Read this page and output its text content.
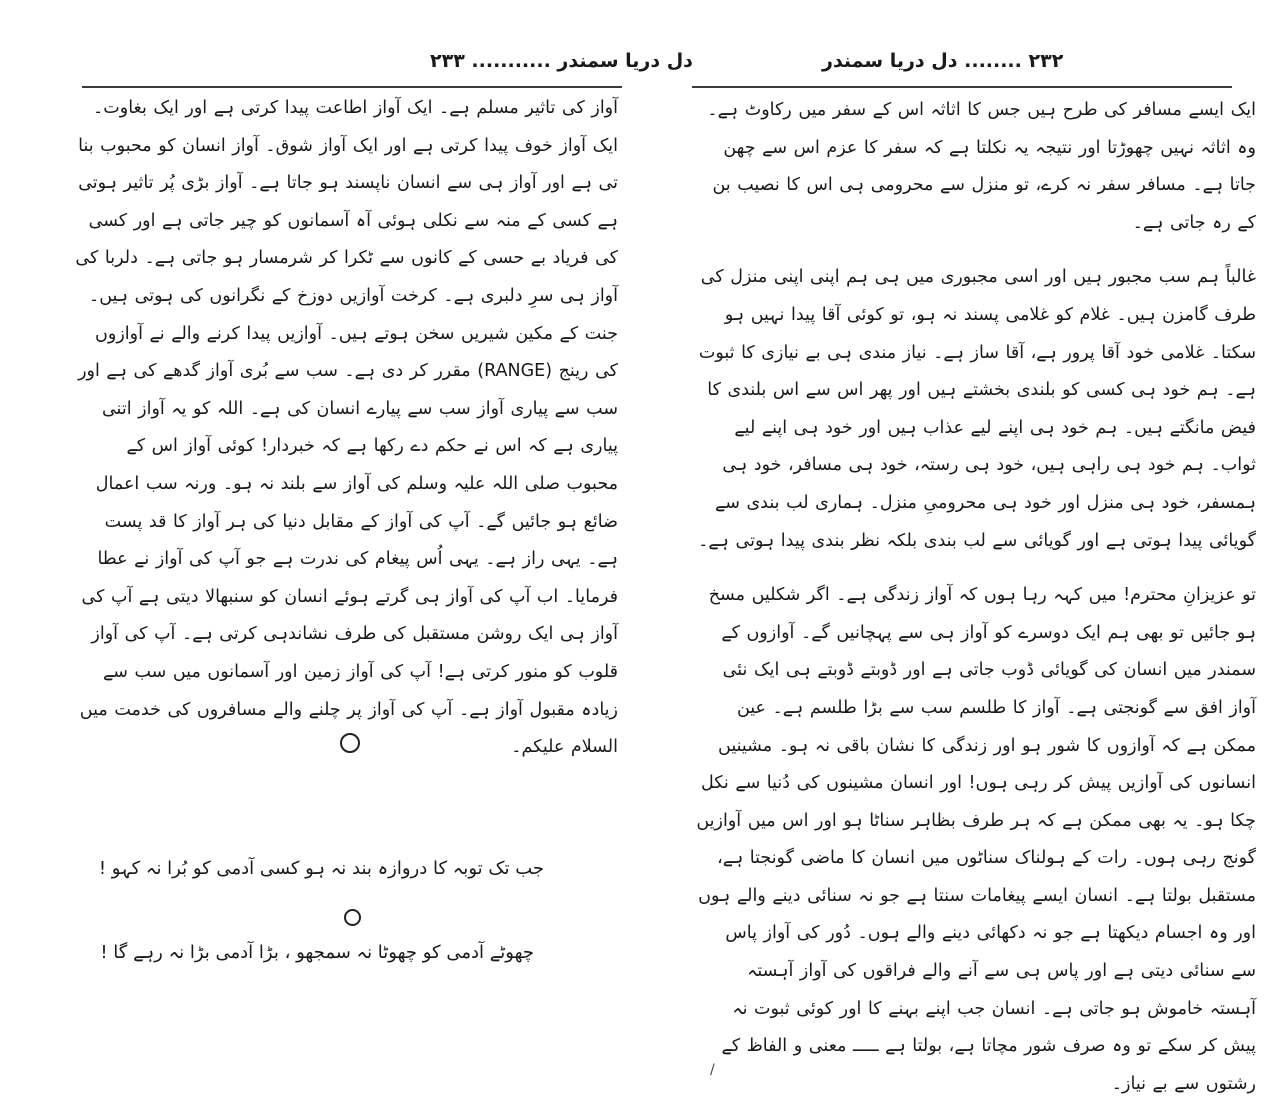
دل دریا سمندر ........... ۲۳۳

آواز کی تاثیر مسلم ہے۔ ایک آواز اطاعت پیدا کرتی ہے اور ایک بغاوت۔ ایک آواز خوف پیدا کرتی ہے اور ایک آواز شوق۔ آواز انسان کو محبوب بنا تی ہے اور آواز ہی سے انسان ناپسند ہو جاتا ہے۔ آواز بڑی پُر تاثیر ہوتی ہے کسی کے منہ سے نکلی ہوئی آہ آسمانوں کو چیر جاتی ہے اور کسی کی فریاد بے حسی کے کانوں سے ٹکرا کر شرمسار ہو جاتی ہے۔ دلربا کی آواز ہی سرِ دلبری ہے۔ کرخت آوازیں دوزخ کے نگرانوں کی ہوتی ہیں۔ جنت کے مکین شیریں سخن ہوتے ہیں۔ آوازیں پیدا کرنے والے نے آوازوں کی رینج (RANGE) مقرر کر دی ہے۔ سب سے بُری آواز گدھے کی ہے اور سب سے پیاری آواز سب سے پیارے انسان کی ہے۔ اللہ کو یہ آواز اتنی پیاری ہے کہ اس نے حکم دے رکھا ہے کہ خبردار! کوئی آواز اس کے محبوب صلی اللہ علیہ وسلم کی آواز سے بلند نہ ہو۔ ورنہ سب اعمال ضائع ہو جائیں گے۔ آپ کی آواز کے مقابل دنیا کی ہر آواز کا قد پست ہے۔ یہی راز ہے۔ یہی اُس پیغام کی ندرت ہے جو آپ کی آواز نے عطا فرمایا۔ اب آپ کی آواز ہی گرتے ہوئے انسان کو سنبھالا دیتی ہے آپ کی آواز ہی ایک روشن مستقبل کی طرف نشاندہی کرتی ہے۔ آپ کی آواز قلوب کو منور کرتی ہے! آپ کی آواز زمین اور آسمانوں میں سب سے زیادہ مقبول آواز ہے۔ آپ کی آواز پر چلنے والے مسافروں کی خدمت میں السلام علیکم۔

جب تک توبہ کا دروازہ بند نہ ہو کسی آدمی کو بُرا نہ کہو !
چھوٹے آدمی کو چھوٹا نہ سمجھو ، بڑا آدمی بڑا نہ رہے گا !
۲۳۲ ........ دل دریا سمندر

ایک ایسے مسافر کی طرح ہیں جس کا اثاثہ اس کے سفر میں رکاوٹ ہے۔ وہ اثاثہ نہیں چھوڑتا اور نتیجہ یہ نکلتا ہے کہ سفر کا عزم اس سے چھن جاتا ہے۔ مسافر سفر نہ کرے، تو منزل سے محرومی ہی اس کا نصیب بن کے رہ جاتی ہے۔

غالباً ہم سب مجبور ہیں اور اسی مجبوری میں ہی ہم اپنی اپنی منزل کی طرف گامزن ہیں۔ غلام کو غلامی پسند نہ ہو، تو کوئی آقا پیدا نہیں ہو سکتا۔ غلامی خود آقا پرور ہے، آقا ساز ہے۔ نیاز مندی ہی بے نیازی کا ثبوت ہے۔ ہم خود ہی کسی کو بلندی بخشتے ہیں اور پھر اس سے اس بلندی کا فیض مانگتے ہیں۔ ہم خود ہی اپنے لیے عذاب ہیں اور خود ہی اپنے لیے ثواب۔ ہم خود ہی راہی ہیں، خود ہی رستہ، خود ہی مسافر، خود ہی ہمسفر، خود ہی منزل اور خود ہی محرومیِ منزل۔ ہماری لب بندی سے گویائی پیدا ہوتی ہے اور گویائی سے لب بندی بلکہ نظر بندی پیدا ہوتی ہے۔

تو عزیزانِ محترم! میں کہہ رہا ہوں کہ آواز زندگی ہے۔ اگر شکلیں مسخ ہو جائیں تو بھی ہم ایک دوسرے کو آواز ہی سے پہچانیں گے۔ آوازوں کے سمندر میں انسان کی گویائی ڈوب جاتی ہے اور ڈوبتے ڈوبتے ہی ایک نئی آواز افق سے گونجتی ہے۔ آواز کا طلسم سب سے بڑا طلسم ہے۔ عین ممکن ہے کہ آوازوں کا شور ہو اور زندگی کا نشان باقی نہ ہو۔ مشینیں انسانوں کی آوازیں پیش کر رہی ہوں! اور انسان مشینوں کی دُنیا سے نکل چکا ہو۔ یہ بھی ممکن ہے کہ ہر طرف بظاہر سناٹا ہو اور اس میں آوازیں گونج رہی ہوں۔ رات کے ہولناک سناٹوں میں انسان کا ماضی گونجتا ہے، مستقبل بولتا ہے۔ انسان ایسے پیغامات سنتا ہے جو نہ سنائی دینے والے ہوں اور وہ اجسام دیکھتا ہے جو نہ دکھائی دینے والے ہوں۔ دُور کی آواز پاس سے سنائی دیتی ہے اور پاس ہی سے آنے والے فراقوں کی آواز آہستہ آہستہ خاموش ہو جاتی ہے۔ انسان جب اپنے بہنے کا اور کوئی ثبوت نہ پیش کر سکے تو وہ صرف شور مچاتا ہے، بولتا ہے ـــــ معنی و الفاظ کے رشتوں سے بے نیاز۔

/
